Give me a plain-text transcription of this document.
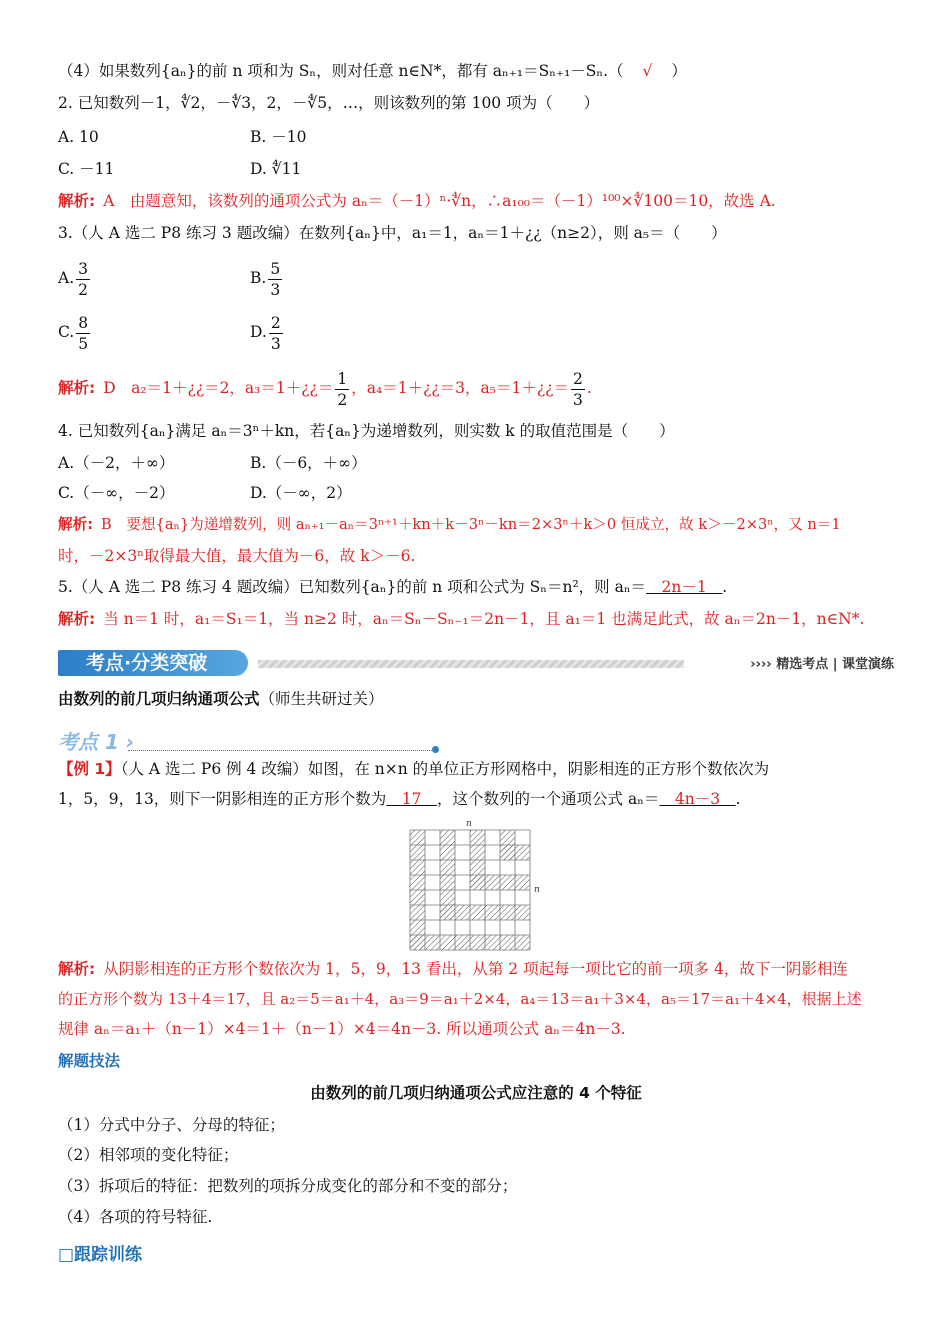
（4）如果数列{aₙ}的前 n 项和为 Sₙ，则对任意 n∈N*，都有 aₙ₊₁＝Sₙ₊₁－Sₙ.（ √ ）
2. 已知数列－1，∜2，－∜3，2，－∜5，…，则该数列的第 100 项为（　　）
A. 10	B. －10
C. －11	D. ∜11
解析: A　由题意知，该数列的通项公式为 aₙ＝（－1）ⁿ·∜n，∴a₁₀₀＝（－1）¹⁰⁰×∜100＝10，故选 A.
3.（人 A 选二 P8 练习 3 题改编）在数列{aₙ}中，a₁＝1，aₙ＝1＋¿¿（n≥2），则 a₅＝（　　）
A. $\frac{3}{2}$	B. $\frac{5}{3}$
C. $\frac{8}{5}$	D. $\frac{2}{3}$
解析: D　a₂＝1＋¿¿＝2，a₃＝1＋¿¿＝ $\frac{1}{2}$ ，a₄＝1＋¿¿＝3，a₅＝1＋¿¿＝ $\frac{2}{3}$ .
4. 已知数列{aₙ}满足 aₙ＝3ⁿ＋kn，若{aₙ}为递增数列，则实数 k 的取值范围是（　　）
A.（－2，＋∞）	B.（－6，＋∞）
C.（－∞，－2）	D.（－∞，2）
解析: B　要想{aₙ}为递增数列，则 aₙ₊₁－aₙ＝3ⁿ⁺¹＋kn＋k－3ⁿ－kn＝2×3ⁿ＋k＞0 恒成立，故 k＞－2×3ⁿ，又 n＝1
时，－2×3ⁿ取得最大值，最大值为－6，故 k＞－6.
5.（人 A 选二 P8 练习 4 题改编）已知数列{aₙ}的前 n 项和公式为 Sₙ＝n²，则 aₙ＝　2n－1　.
解析: 当 n＝1 时，a₁＝S₁＝1，当 n≥2 时，aₙ＝Sₙ－Sₙ₋₁＝2n－1，且 a₁＝1 也满足此式，故 aₙ＝2n－1，n∈N*.
考点·分类突破	›››› 精选考点 | 课堂演练
由数列的前几项归纳通项公式（师生共研过关）
考点 1 ›
【例 1】（人 A 选二 P6 例 4 改编）如图，在 n×n 的单位正方形网格中，阴影相连的正方形个数依次为
1，5，9，13，则下一阴影相连的正方形个数为　17　，这个数列的一个通项公式 aₙ＝　4n－3　.
n
n
解析: 从阴影相连的正方形个数依次为 1，5，9，13 看出，从第 2 项起每一项比它的前一项多 4，故下一阴影相连
的正方形个数为 13＋4＝17，且 a₂＝5＝a₁＋4，a₃＝9＝a₁＋2×4，a₄＝13＝a₁＋3×4，a₅＝17＝a₁＋4×4，根据上述
规律 aₙ＝a₁＋（n－1）×4＝1＋（n－1）×4＝4n－3. 所以通项公式 aₙ＝4n－3.
解题技法
由数列的前几项归纳通项公式应注意的 4 个特征
（1）分式中分子、分母的特征；
（2）相邻项的变化特征；
（3）拆项后的特征：把数列的项拆分成变化的部分和不变的部分；
（4）各项的符号特征.
□跟踪训练
